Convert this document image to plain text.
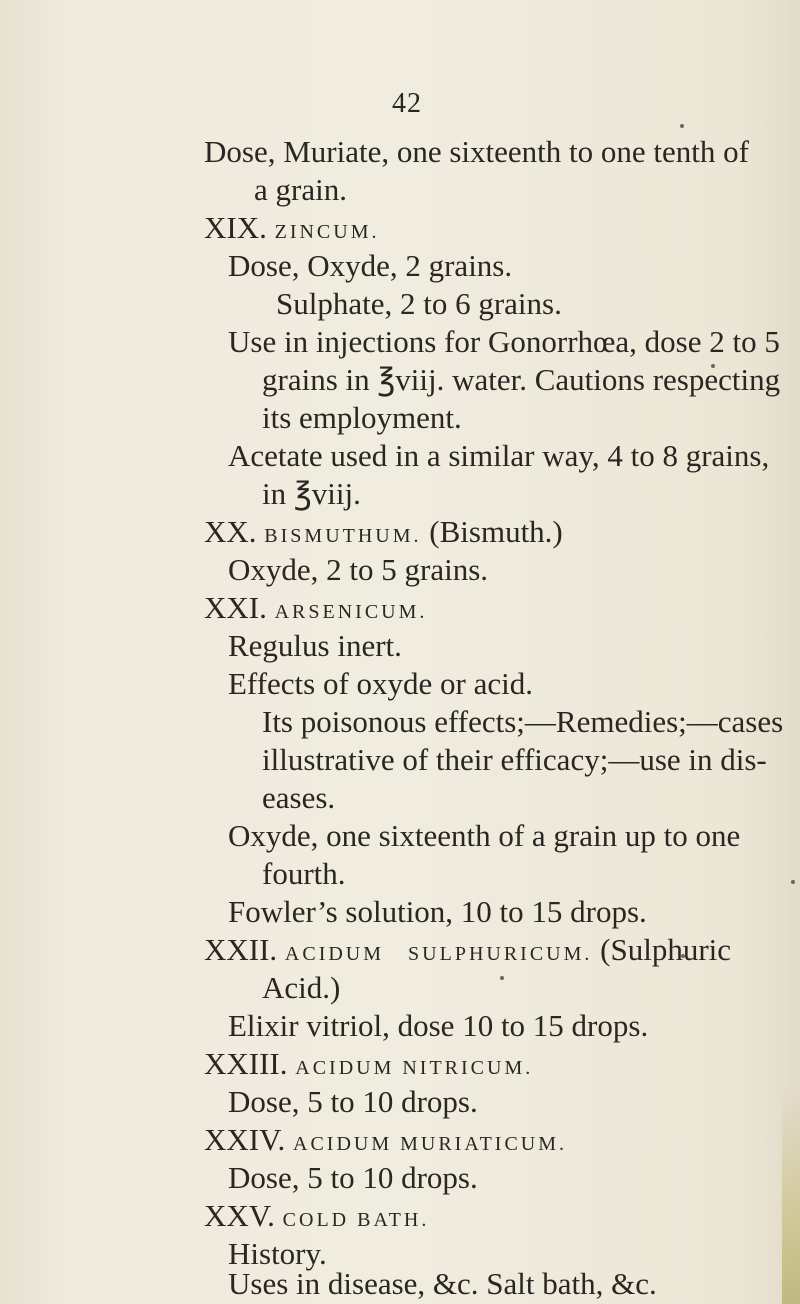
42
Dose, Muriate, one sixteenth to one tenth of
a grain.
XIX. ZINCUM.
Dose, Oxyde, 2 grains.
Sulphate, 2 to 6 grains.
Use in injections for Gonorrhœa, dose 2 to 5
grains in ℥viij. water. Cautions respecting
its employment.
Acetate used in a similar way, 4 to 8 grains,
in ℥viij.
XX. BISMUTHUM. (Bismuth.)
Oxyde, 2 to 5 grains.
XXI. ARSENICUM.
Regulus inert.
Effects of oxyde or acid.
Its poisonous effects;—Remedies;—cases
illustrative of their efficacy;—use in dis-
eases.
Oxyde, one sixteenth of a grain up to one
fourth.
Fowler’s solution, 10 to 15 drops.
XXII. ACIDUM   SULPHURICUM. (Sulphuric
Acid.)
Elixir vitriol, dose 10 to 15 drops.
XXIII. ACIDUM NITRICUM.
Dose, 5 to 10 drops.
XXIV. ACIDUM MURIATICUM.
Dose, 5 to 10 drops.
XXV. COLD BATH.
History.
Uses in disease, &c. Salt bath, &c.
